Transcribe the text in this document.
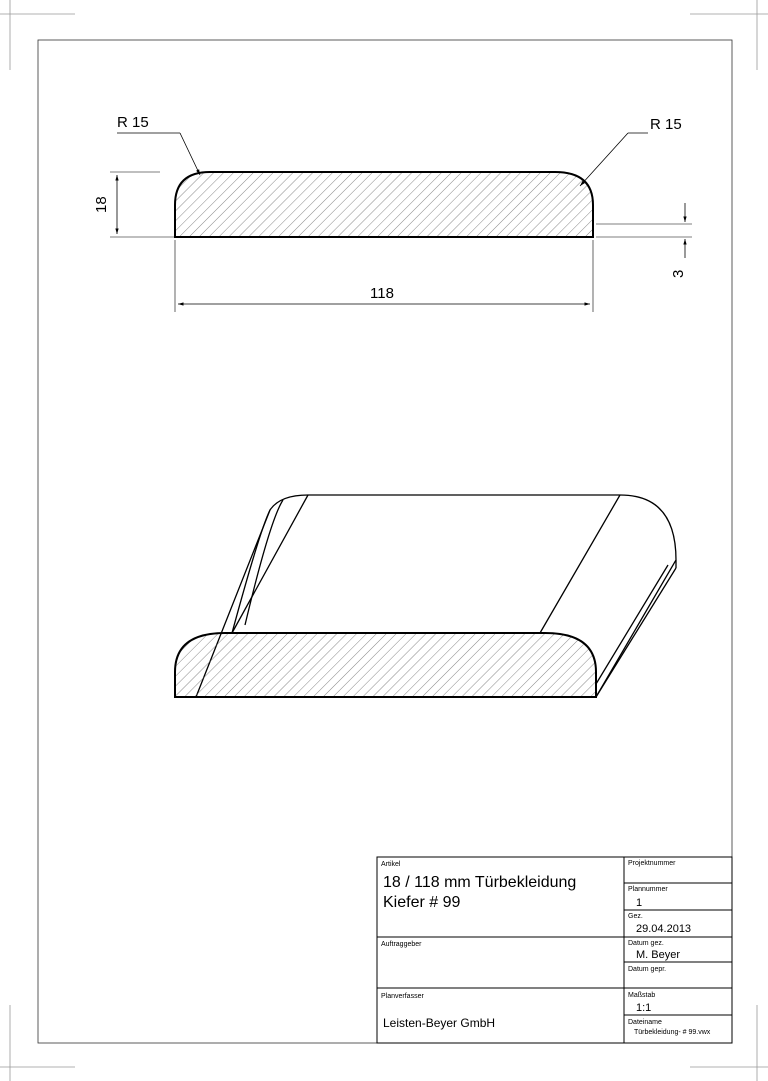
R 15	R 15
18
118
3
Artikel
18 / 118 mm Türbekleidung
Kiefer # 99
Projektnummer
Plannummer
1
Gez.
29.04.2013
Datum gez.
M. Beyer
Datum gepr.
Auftraggeber
Planverfasser
Leisten-Beyer GmbH
Maßstab
1:1
Dateiname
Türbekleidung- # 99.vwx
